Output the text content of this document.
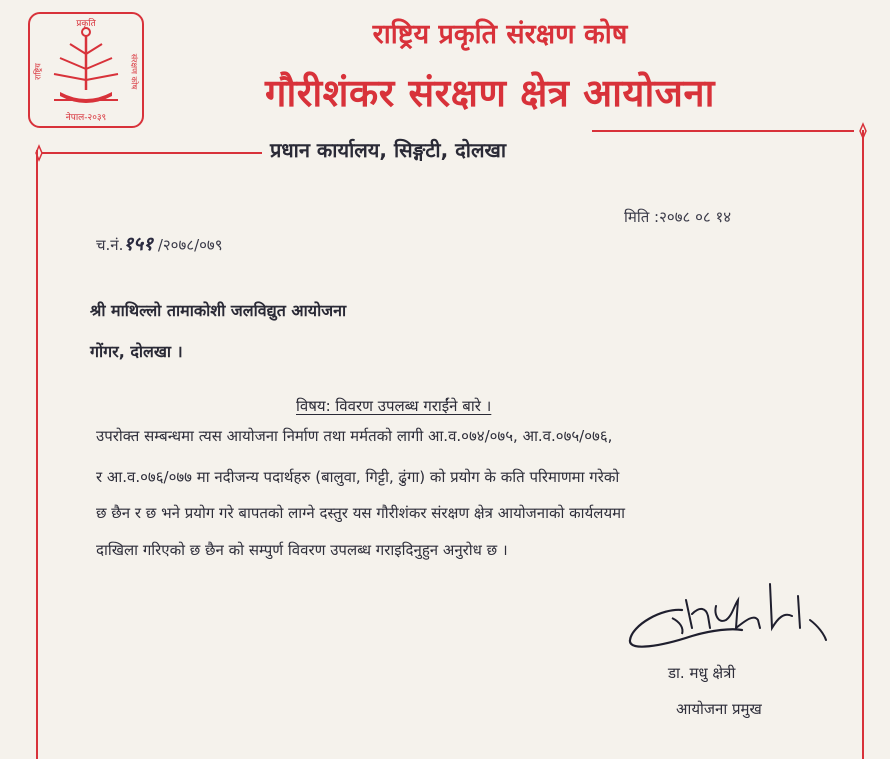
प्रकृति
राष्ट्रिय	संरक्षण कोष
नेपाल-२०३९
राष्ट्रिय प्रकृति संरक्षण कोष
गौरीशंकर संरक्षण क्षेत्र आयोजना
प्रधान कार्यालय, सिङ्गटी, दोलखा
मिति :२०७८ ०८ १४
च.नं.१५१ /२०७८/०७९
श्री माथिल्लो तामाकोशी जलविद्युत आयोजना
गोंगर, दोलखा ।
विषय: विवरण उपलब्ध गराईंने बारे ।
उपरोक्त सम्बन्धमा त्यस आयोजना निर्माण तथा मर्मतको लागी आ.व.०७४/०७५, आ.व.०७५/०७६,
र आ.व.०७६/०७७ मा नदीजन्य पदार्थहरु (बालुवा, गिट्टी, ढुंगा) को प्रयोग के कति परिमाणमा गरेको
छ छैन र छ भने प्रयोग गरे बापतको लाग्ने दस्तुर यस गौरीशंकर संरक्षण क्षेत्र आयोजनाको कार्यलयमा
दाखिला गरिएको छ छैन को सम्पुर्ण विवरण उपलब्ध गराइदिनुहुन अनुरोध छ ।
डा. मधु क्षेत्री
आयोजना प्रमुख
